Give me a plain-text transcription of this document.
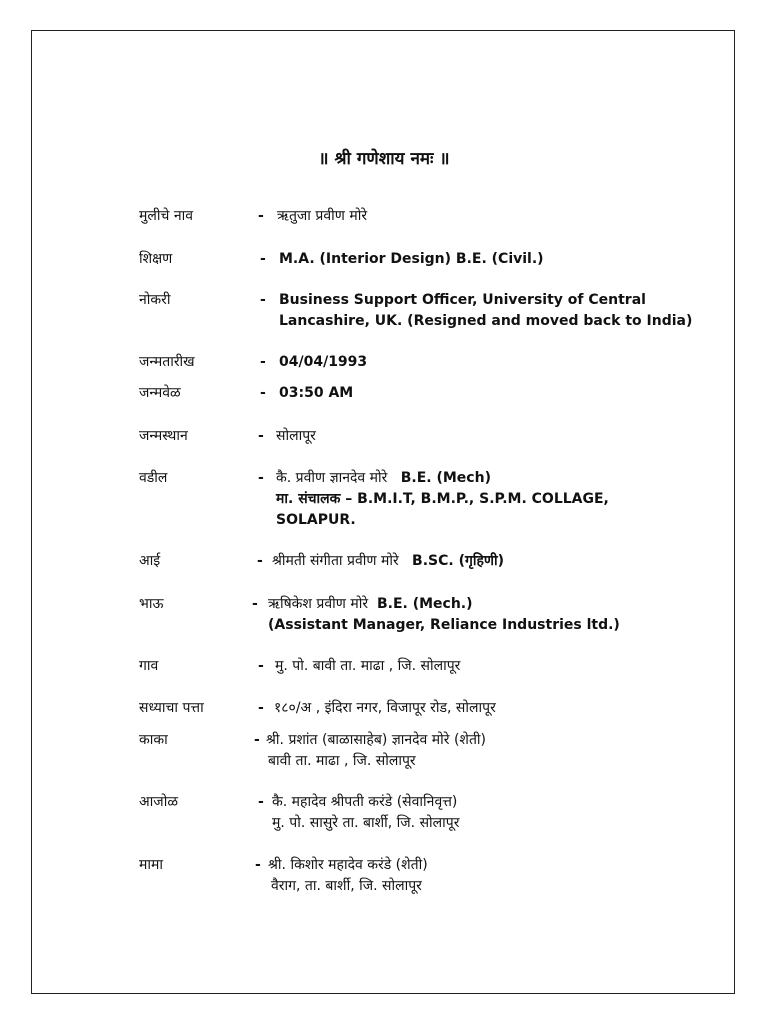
॥ श्री गणेशाय नमः ॥
मुलीचे नाव	- ऋतुजा प्रवीण मोरे
शिक्षण	- M.A. (Interior Design) B.E. (Civil.)
नोकरी	- Business Support Officer, University of Central
Lancashire, UK. (Resigned and moved back to India)
जन्मतारीख	- 04/04/1993
जन्मवेळ	- 03:50 AM
जन्मस्थान	- सोलापूर
वडील	- कै. प्रवीण ज्ञानदेव मोरे B.E. (Mech)
मा. संचालक – B.M.I.T, B.M.P., S.P.M. COLLAGE,
SOLAPUR.
आई	- श्रीमती संगीता प्रवीण मोरे B.SC. (गृहिणी)
भाऊ	- ऋषिकेश प्रवीण मोरे B.E. (Mech.)
(Assistant Manager, Reliance Industries ltd.)
गाव	- मु. पो. बावी ता. माढा , जि. सोलापूर
सध्याचा पत्ता	- १८०/अ , इंदिरा नगर, विजापूर रोड, सोलापूर
काका	- श्री. प्रशांत (बाळासाहेब) ज्ञानदेव मोरे (शेती)
बावी ता. माढा , जि. सोलापूर
आजोळ	- कै. महादेव श्रीपती करंडे (सेवानिवृत्त)
मु. पो. सासुरे ता. बार्शी, जि. सोलापूर
मामा	- श्री. किशोर महादेव करंडे (शेती)
वैराग, ता. बार्शी, जि. सोलापूर
